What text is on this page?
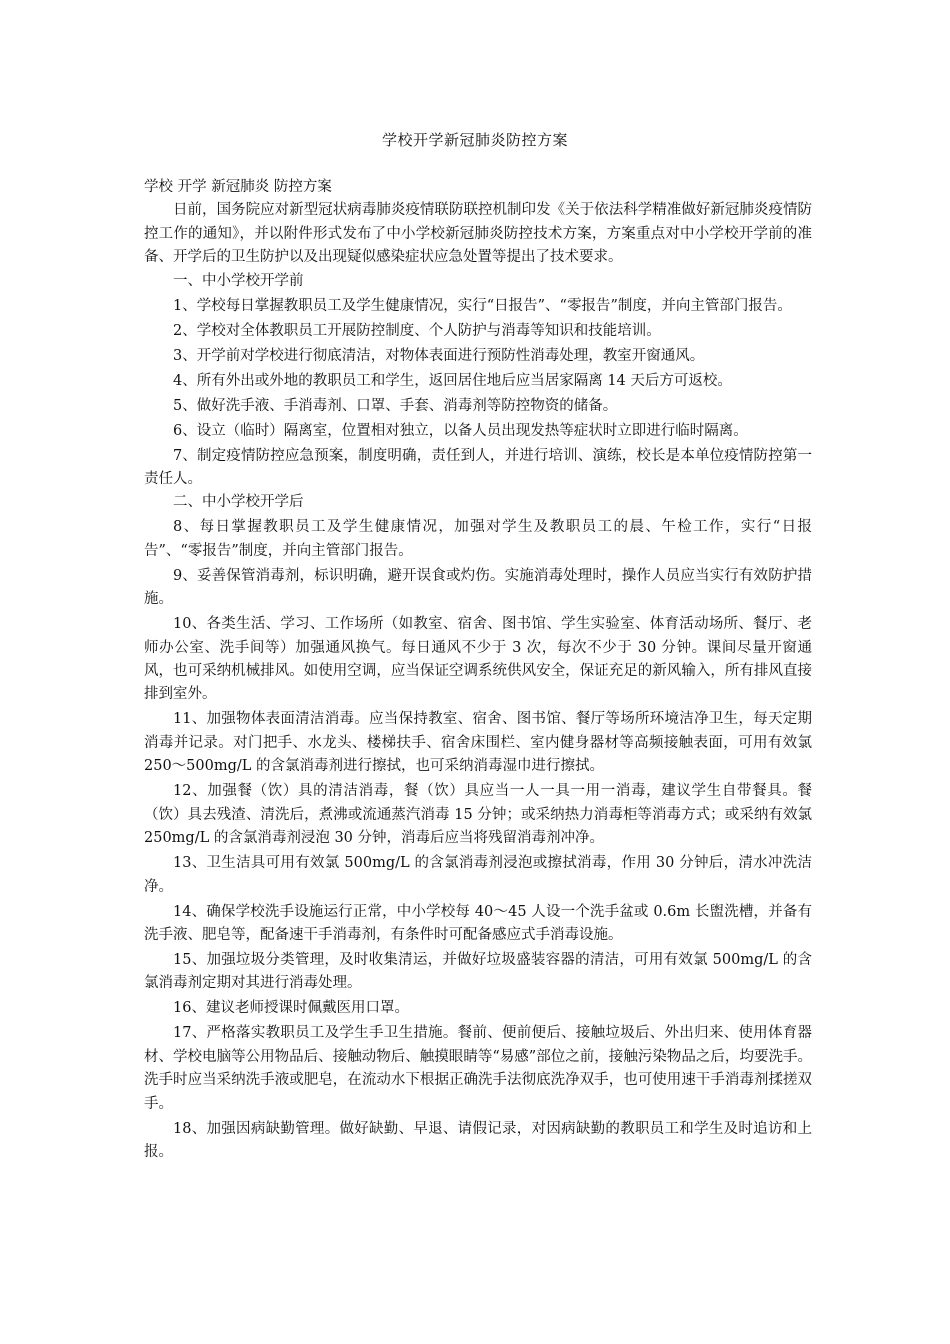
学校开学新冠肺炎防控方案

学校 开学 新冠肺炎 防控方案

日前，国务院应对新型冠状病毒肺炎疫情联防联控机制印发《关于依法科学精准做好新冠肺炎疫情防控工作的通知》，并以附件形式发布了中小学校新冠肺炎防控技术方案，方案重点对中小学校开学前的准备、开学后的卫生防护以及出现疑似感染症状应急处置等提出了技术要求。

一、中小学校开学前

1、学校每日掌握教职员工及学生健康情况，实行“日报告”、“零报告”制度，并向主管部门报告。

2、学校对全体教职员工开展防控制度、个人防护与消毒等知识和技能培训。

3、开学前对学校进行彻底清洁，对物体表面进行预防性消毒处理，教室开窗通风。

4、所有外出或外地的教职员工和学生，返回居住地后应当居家隔离 14 天后方可返校。

5、做好洗手液、手消毒剂、口罩、手套、消毒剂等防控物资的储备。

6、设立（临时）隔离室，位置相对独立，以备人员出现发热等症状时立即进行临时隔离。

7、制定疫情防控应急预案，制度明确，责任到人，并进行培训、演练，校长是本单位疫情防控第一责任人。

二、中小学校开学后

8、每日掌握教职员工及学生健康情况，加强对学生及教职员工的晨、午检工作，实行“日报告”、“零报告”制度，并向主管部门报告。

9、妥善保管消毒剂，标识明确，避开误食或灼伤。实施消毒处理时，操作人员应当实行有效防护措施。

10、各类生活、学习、工作场所（如教室、宿舍、图书馆、学生实验室、体育活动场所、餐厅、老师办公室、洗手间等）加强通风换气。每日通风不少于 3 次，每次不少于 30 分钟。课间尽量开窗通风，也可采纳机械排风。如使用空调，应当保证空调系统供风安全，保证充足的新风输入，所有排风直接排到室外。

11、加强物体表面清洁消毒。应当保持教室、宿舍、图书馆、餐厅等场所环境洁净卫生，每天定期消毒并记录。对门把手、水龙头、楼梯扶手、宿舍床围栏、室内健身器材等高频接触表面，可用有效氯 250～500mg/L 的含氯消毒剂进行擦拭，也可采纳消毒湿巾进行擦拭。

12、加强餐（饮）具的清洁消毒，餐（饮）具应当一人一具一用一消毒，建议学生自带餐具。餐（饮）具去残渣、清洗后，煮沸或流通蒸汽消毒 15 分钟；或采纳热力消毒柜等消毒方式；或采纳有效氯 250mg/L 的含氯消毒剂浸泡 30 分钟，消毒后应当将残留消毒剂冲净。

13、卫生洁具可用有效氯 500mg/L 的含氯消毒剂浸泡或擦拭消毒，作用 30 分钟后，清水冲洗洁净。

14、确保学校洗手设施运行正常，中小学校每 40～45 人设一个洗手盆或 0.6m 长盥洗槽，并备有洗手液、肥皂等，配备速干手消毒剂，有条件时可配备感应式手消毒设施。

15、加强垃圾分类管理，及时收集清运，并做好垃圾盛装容器的清洁，可用有效氯 500mg/L 的含氯消毒剂定期对其进行消毒处理。

16、建议老师授课时佩戴医用口罩。

17、严格落实教职员工及学生手卫生措施。餐前、便前便后、接触垃圾后、外出归来、使用体育器材、学校电脑等公用物品后、接触动物后、触摸眼睛等“易感”部位之前，接触污染物品之后，均要洗手。洗手时应当采纳洗手液或肥皂，在流动水下根据正确洗手法彻底洗净双手，也可使用速干手消毒剂揉搓双手。

18、加强因病缺勤管理。做好缺勤、早退、请假记录，对因病缺勤的教职员工和学生及时追访和上报。
